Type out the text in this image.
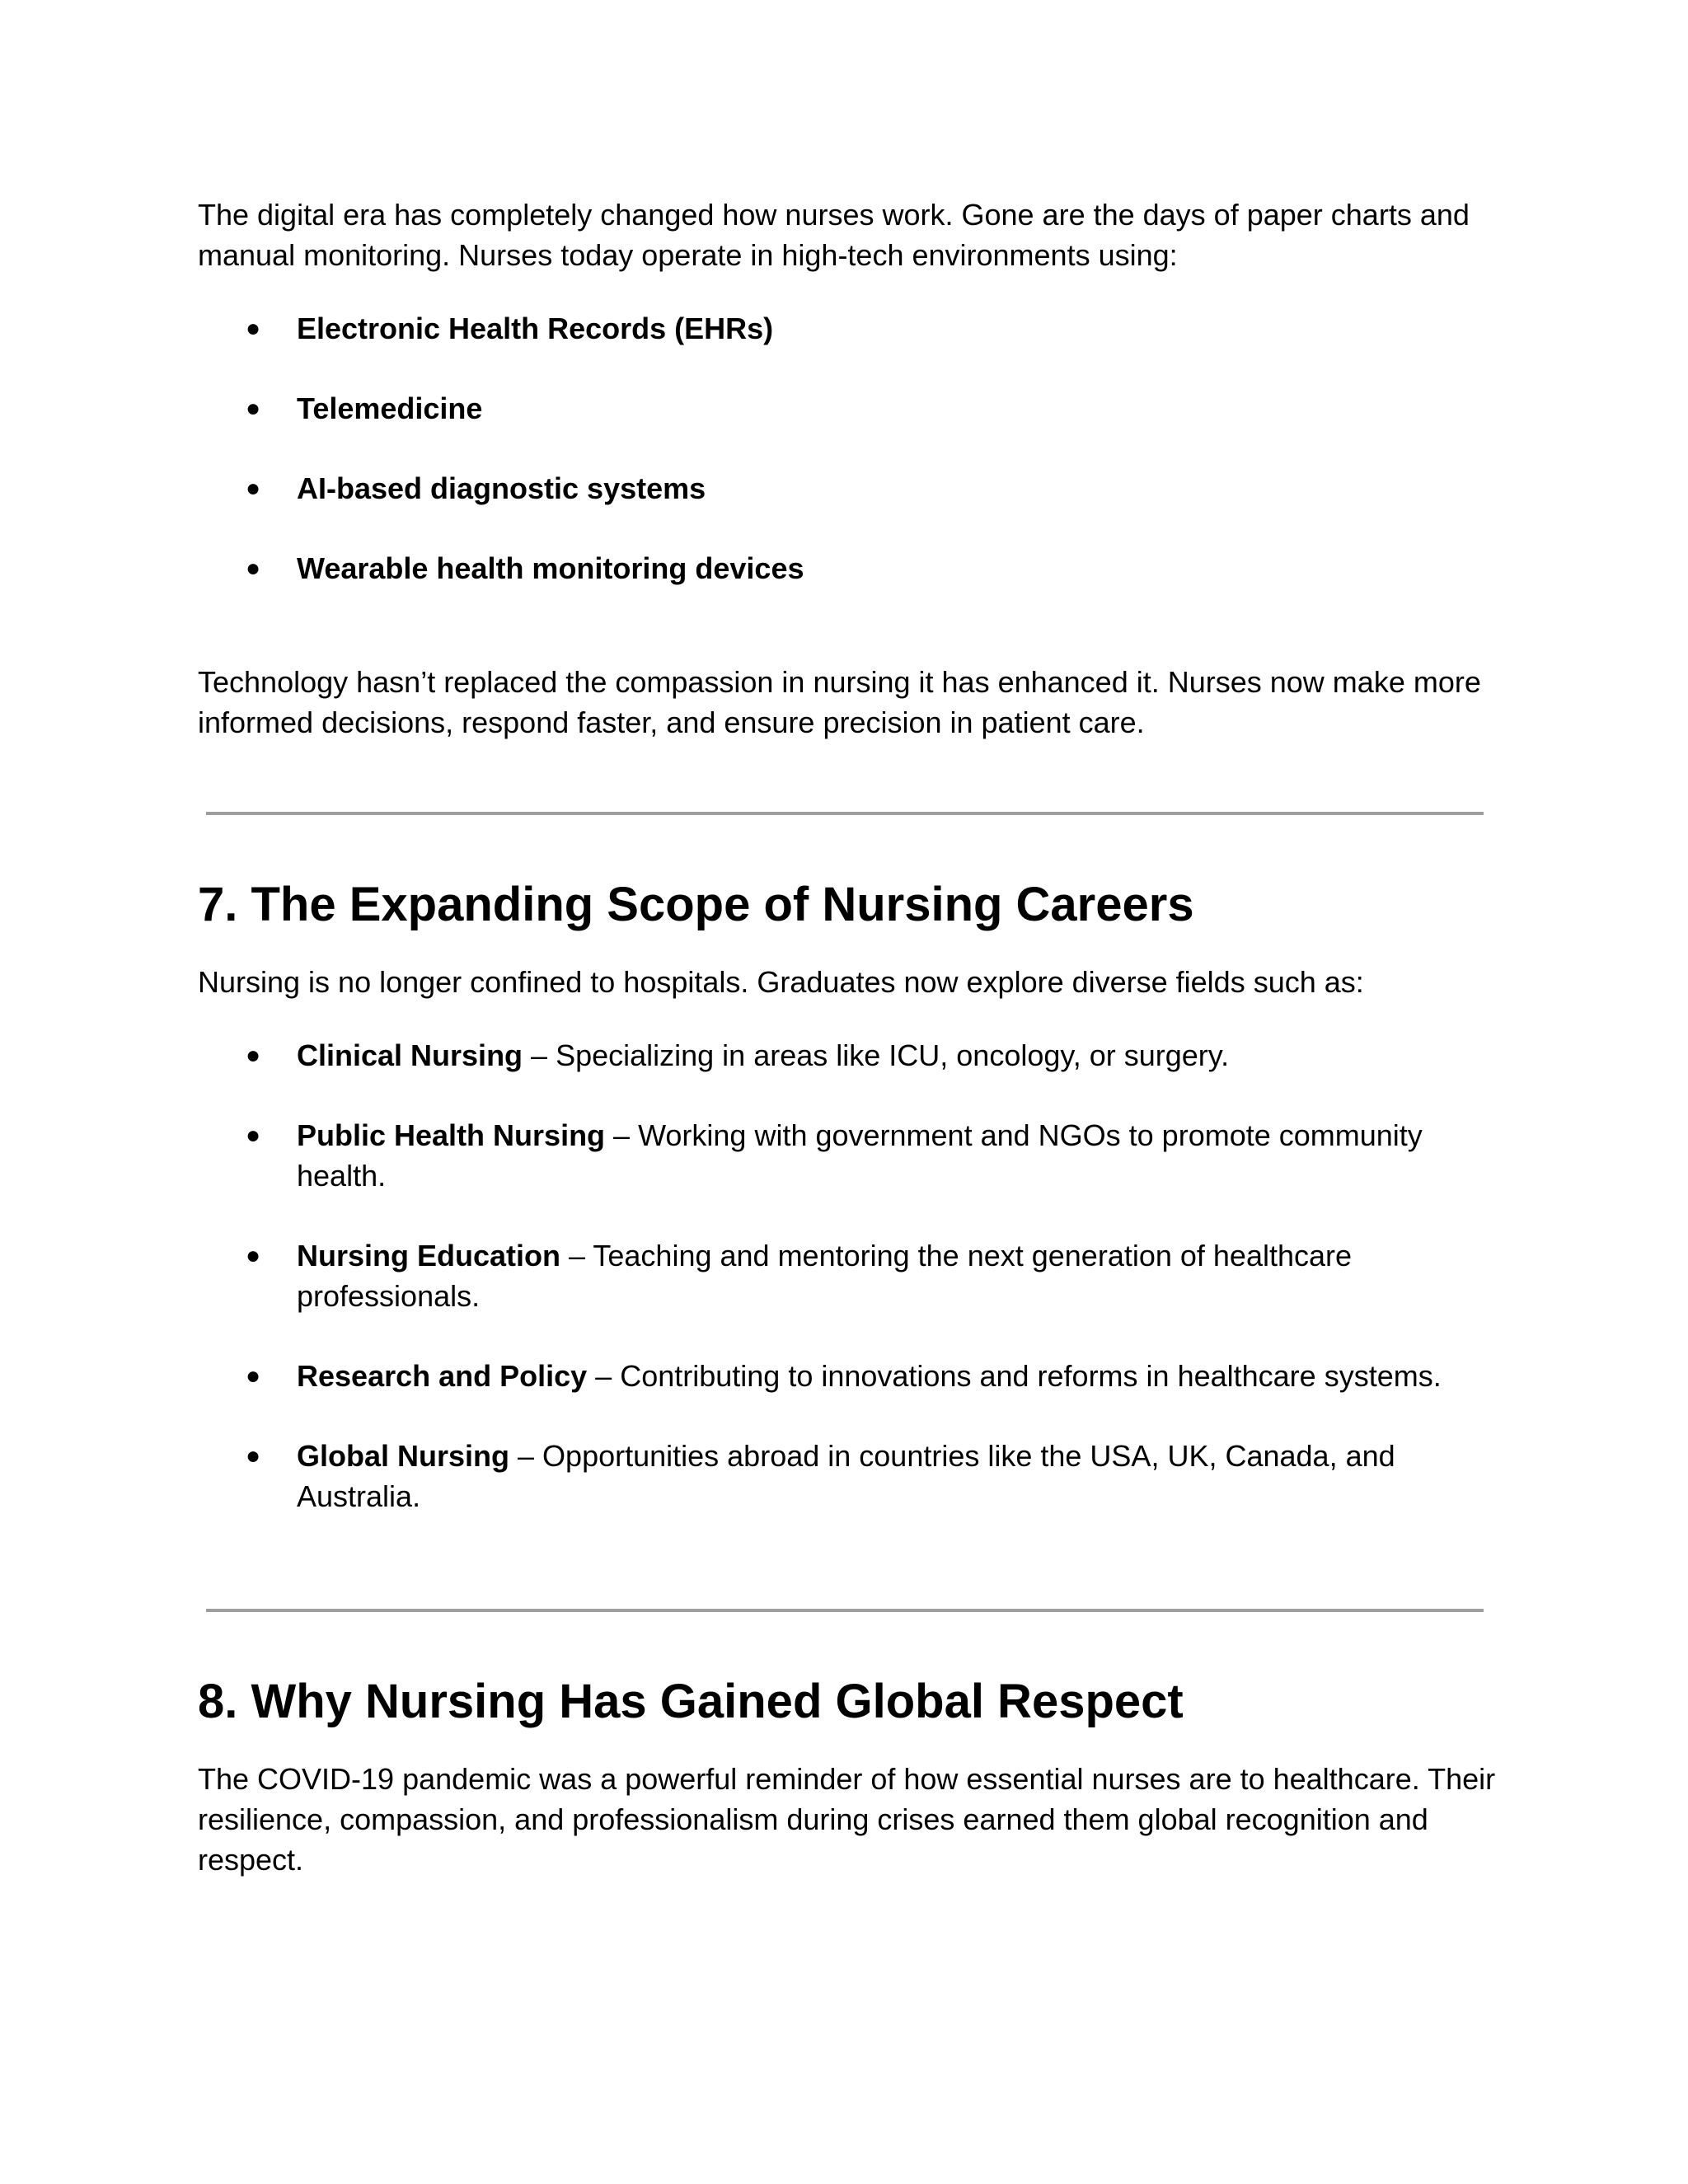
The digital era has completely changed how nurses work. Gone are the days of paper charts and manual monitoring. Nurses today operate in high-tech environments using:

● Electronic Health Records (EHRs)
● Telemedicine
● AI-based diagnostic systems
● Wearable health monitoring devices

Technology hasn’t replaced the compassion in nursing it has enhanced it. Nurses now make more informed decisions, respond faster, and ensure precision in patient care.

7. The Expanding Scope of Nursing Careers

Nursing is no longer confined to hospitals. Graduates now explore diverse fields such as:

● Clinical Nursing – Specializing in areas like ICU, oncology, or surgery.
● Public Health Nursing – Working with government and NGOs to promote community health.
● Nursing Education – Teaching and mentoring the next generation of healthcare professionals.
● Research and Policy – Contributing to innovations and reforms in healthcare systems.
● Global Nursing – Opportunities abroad in countries like the USA, UK, Canada, and Australia.
8. Why Nursing Has Gained Global Respect

The COVID-19 pandemic was a powerful reminder of how essential nurses are to healthcare. Their resilience, compassion, and professionalism during crises earned them global recognition and respect.
